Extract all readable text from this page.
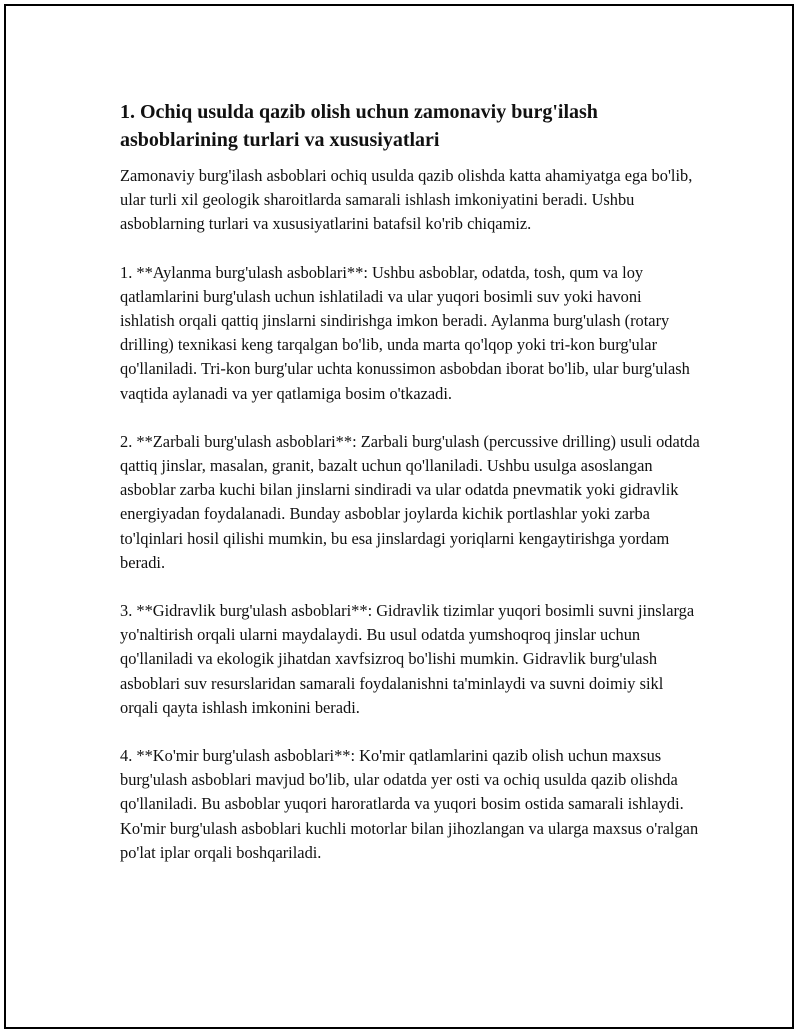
1. Ochiq usulda qazib olish uchun zamonaviy burg'ilash asboblarining turlari va xususiyatlari

Zamonaviy burg'ilash asboblari ochiq usulda qazib olishda katta ahamiyatga ega bo'lib, ular turli xil geologik sharoitlarda samarali ishlash imkoniyatini beradi. Ushbu asboblarning turlari va xususiyatlarini batafsil ko'rib chiqamiz.

1. **Aylanma burg'ulash asboblari**: Ushbu asboblar, odatda, tosh, qum va loy qatlamlarini burg'ulash uchun ishlatiladi va ular yuqori bosimli suv yoki havoni ishlatish orqali qattiq jinslarni sindirishga imkon beradi. Aylanma burg'ulash (rotary drilling) texnikasi keng tarqalgan bo'lib, unda marta qo'lqop yoki tri-kon burg'ular qo'llaniladi. Tri-kon burg'ular uchta konussimon asbobdan iborat bo'lib, ular burg'ulash vaqtida aylanadi va yer qatlamiga bosim o'tkazadi.

2. **Zarbali burg'ulash asboblari**: Zarbali burg'ulash (percussive drilling) usuli odatda qattiq jinslar, masalan, granit, bazalt uchun qo'llaniladi. Ushbu usulga asoslangan asboblar zarba kuchi bilan jinslarni sindiradi va ular odatda pnevmatik yoki gidravlik energiyadan foydalanadi. Bunday asboblar joylarda kichik portlashlar yoki zarba to'lqinlari hosil qilishi mumkin, bu esa jinslardagi yoriqlarni kengaytirishga yordam beradi.

3. **Gidravlik burg'ulash asboblari**: Gidravlik tizimlar yuqori bosimli suvni jinslarga yo'naltirish orqali ularni maydalaydi. Bu usul odatda yumshoqroq jinslar uchun qo'llaniladi va ekologik jihatdan xavfsizroq bo'lishi mumkin. Gidravlik burg'ulash asboblari suv resurslaridan samarali foydalanishni ta'minlaydi va suvni doimiy sikl orqali qayta ishlash imkonini beradi.

4. **Ko'mir burg'ulash asboblari**: Ko'mir qatlamlarini qazib olish uchun maxsus burg'ulash asboblari mavjud bo'lib, ular odatda yer osti va ochiq usulda qazib olishda qo'llaniladi. Bu asboblar yuqori haroratlarda va yuqori bosim ostida samarali ishlaydi. Ko'mir burg'ulash asboblari kuchli motorlar bilan jihozlangan va ularga maxsus o'ralgan po'lat iplar orqali boshqariladi.
